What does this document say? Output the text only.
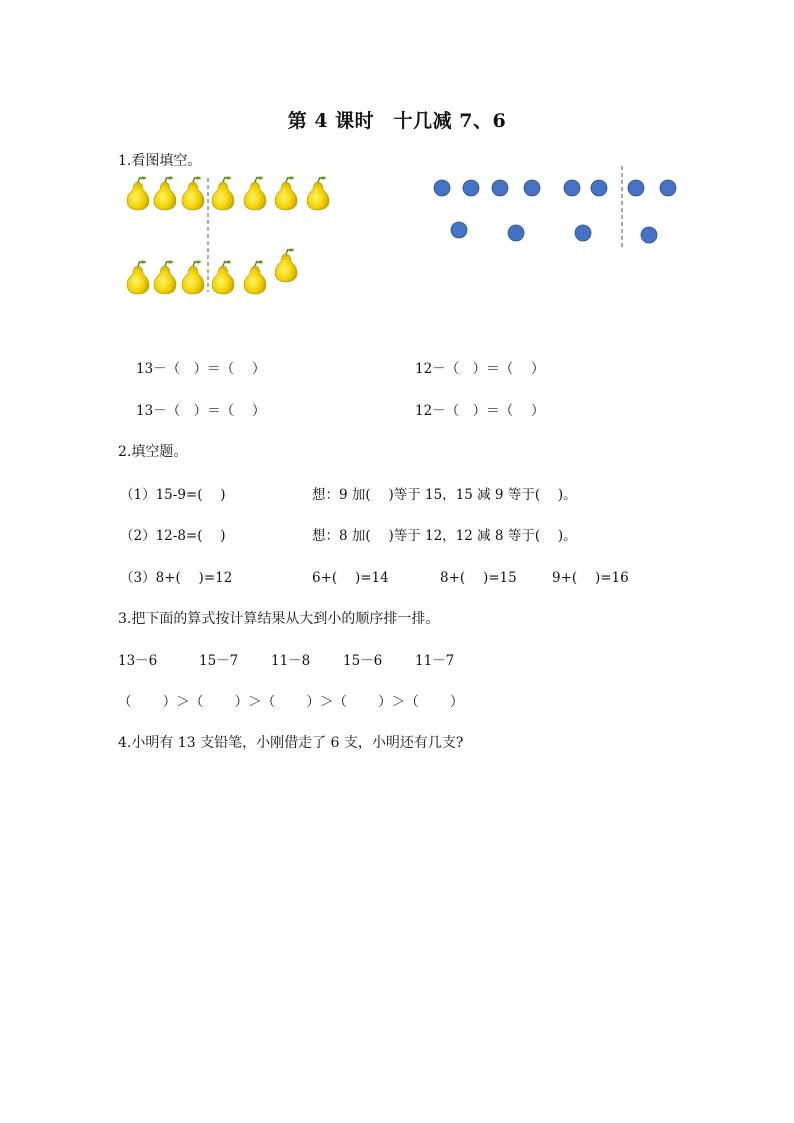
第 4 课时　十几减 7、6
1.看图填空。
13－（　）＝（　 ）	12－（　）＝（　 ）
13－（　）＝（　 ）	12－（　）＝（　 ）
2.填空题。
（1）15-9=(　 )	想：9 加(　 )等于 15，15 减 9 等于(　 )。
（2）12-8=(　 )	想：8 加(　 )等于 12，12 减 8 等于(　 )。
（3）8+(　 )=12	6+(　 )=14	8+(　 )=15	9+(　 )=16
3.把下面的算式按计算结果从大到小的顺序排一排。
13－6	15－7 11－8 15－6 11－7
（　　 ）＞（　　 ）＞（　　 ）＞（　　 ）＞（　　 ）
4.小明有 13 支铅笔，小刚借走了 6 支，小明还有几支?
